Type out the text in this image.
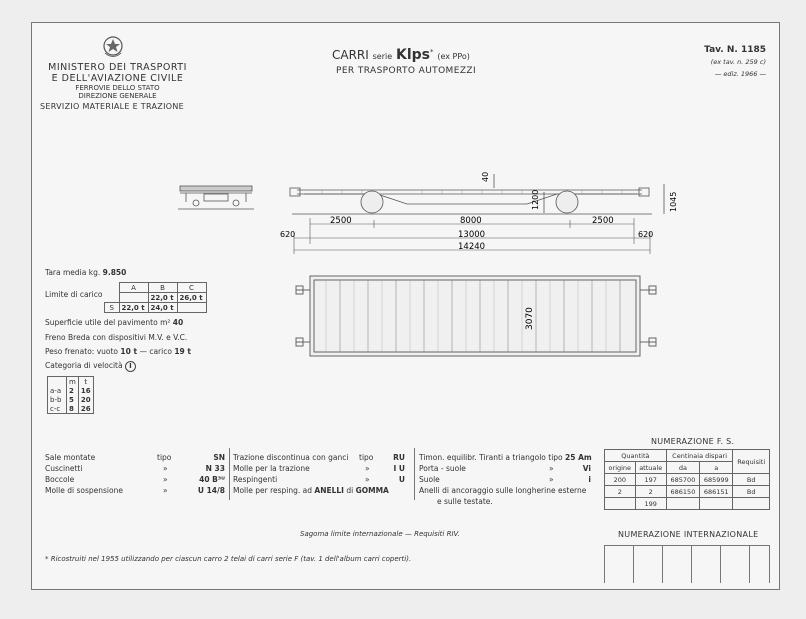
MINISTERO DEI TRASPORTI
E DELL'AVIAZIONE CIVILE
FERROVIE DELLO STATO
DIREZIONE GENERALE
SERVIZIO MATERIALE E TRAZIONE
CARRI serie Klps* (ex PPo)
PER TRASPORTO AUTOMEZZI
Tav. N. 1185
(ex tav. n. 259 c)
— ediz. 1966 —
40
1200	1045
2500	8000	2500
620	13000	620
14240
3070
Tara media kg. 9.850
Limite di carico
	A	B	C
		22,0 t	26,0 t
S	22,0 t	24,0 t	
Superficie utile del pavimento m² 40
Freno Breda con dispositivi M.V. e V.C.
Peso frenato: vuoto 10 t — carico 19 t
Categoria di velocità I
	m	t
a-a	2	16
b-b	5	20
c-c	8	26
Sale montate	tipo	SN
Cuscinetti	»	N 33
Boccole	»	40 B³ᵁ
Molle di sospensione	»	U 14/8
Trazione discontinua con ganci tipo	RU
Molle per la trazione	»	I U
Respingenti	»	U
Molle per resping. ad ANELLI di GOMMA
Timon. equilibr. Tiranti a triangolo tipo 25 Am
Porta - suole	»	Vi
Suole	»	i
Anelli di ancoraggio sulle longherine esterne
e sulle testate.
NUMERAZIONE F. S.
Quantità		Centinaia dispari		Requisiti
origine	attuale	da	a	
200	197	685700	685999	Bd
2	2	686150	686151	Bd
	199			
NUMERAZIONE INTERNAZIONALE
Sagoma limite internazionale — Requisiti RIV.
* Ricostruiti nel 1955 utilizzando per ciascun carro 2 telai di carri serie F (tav. 1 dell'album carri coperti).
